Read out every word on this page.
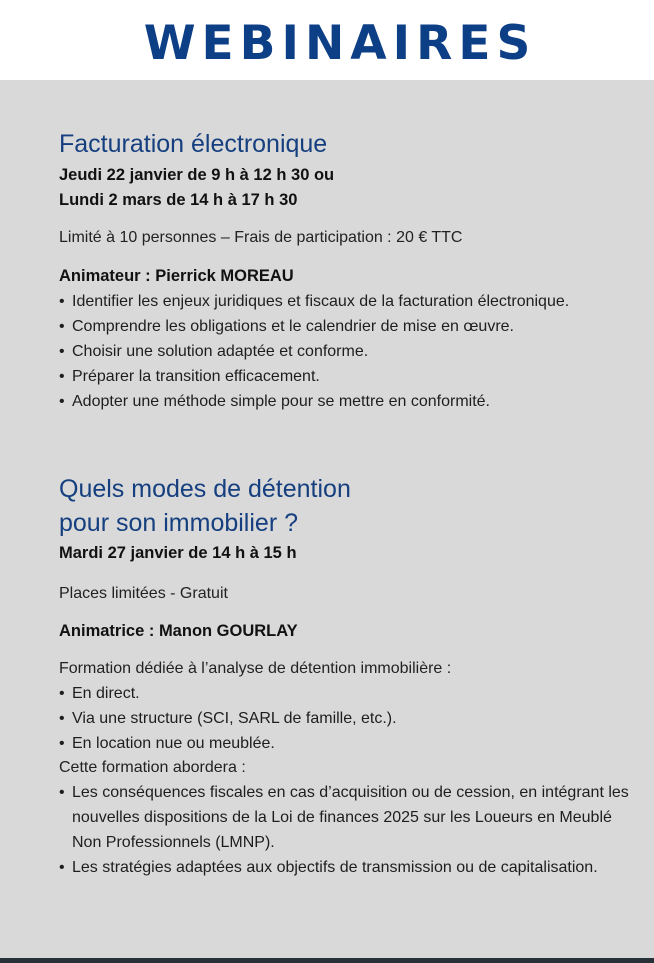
WEBINAIRES
Facturation électronique
Jeudi 22 janvier de 9 h à 12 h 30 ou
Lundi 2 mars de 14 h à 17 h 30
Limité à 10 personnes – Frais de participation : 20 € TTC
Animateur : Pierrick MOREAU
• Identifier les enjeux juridiques et fiscaux de la facturation électronique.
• Comprendre les obligations et le calendrier de mise en œuvre.
• Choisir une solution adaptée et conforme.
• Préparer la transition efficacement.
• Adopter une méthode simple pour se mettre en conformité.
Quels modes de détention
pour son immobilier ?
Mardi 27 janvier de 14 h à 15 h
Places limitées - Gratuit
Animatrice : Manon GOURLAY
Formation dédiée à l’analyse de détention immobilière :
• En direct.
• Via une structure (SCI, SARL de famille, etc.).
• En location nue ou meublée.
Cette formation abordera :
• Les conséquences fiscales en cas d’acquisition ou de cession, en intégrant les nouvelles dispositions de la Loi de finances 2025 sur les Loueurs en Meublé Non Professionnels (LMNP).
• Les stratégies adaptées aux objectifs de transmission ou de capitalisation.
